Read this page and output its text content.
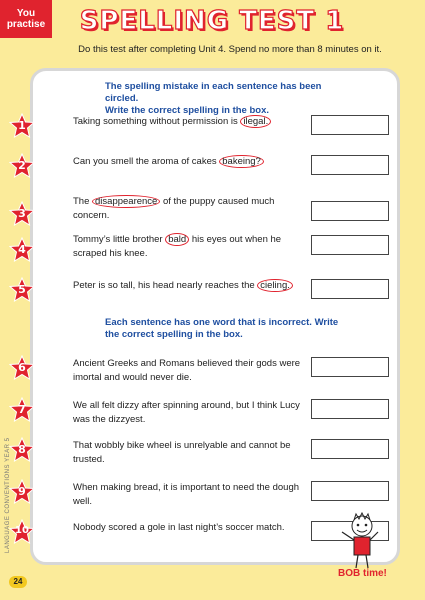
You
practise	SPELLING TEST 1
Do this test after completing Unit 4. Spend no more than 8 minutes on it.
The spelling mistake in each sentence has been circled.
Write the correct spelling in the box.
1	Taking something without permission is ilegal.
2	Can you smell the aroma of cakes bakeing?
3
The disappearence of the puppy caused much concern.
4
Tommy’s little brother bald his eyes out when he scraped his knee.
5	Peter is so tall, his head nearly reaches the cieling.
Each sentence has one word that is incorrect. Write
the correct spelling in the box.
6	Ancient Greeks and Romans believed their gods were imortal and would never die.
7	We all felt dizzy after spinning around, but I think Lucy was the dizzyest.
8	That wobbly bike wheel is unrelyable and cannot be trusted.
9	When making bread, it is important to need the dough well.
10	Nobody scored a gole in last night’s soccer match.
LANGUAGE CONVENTIONS YEAR 5
24
BOB time!
